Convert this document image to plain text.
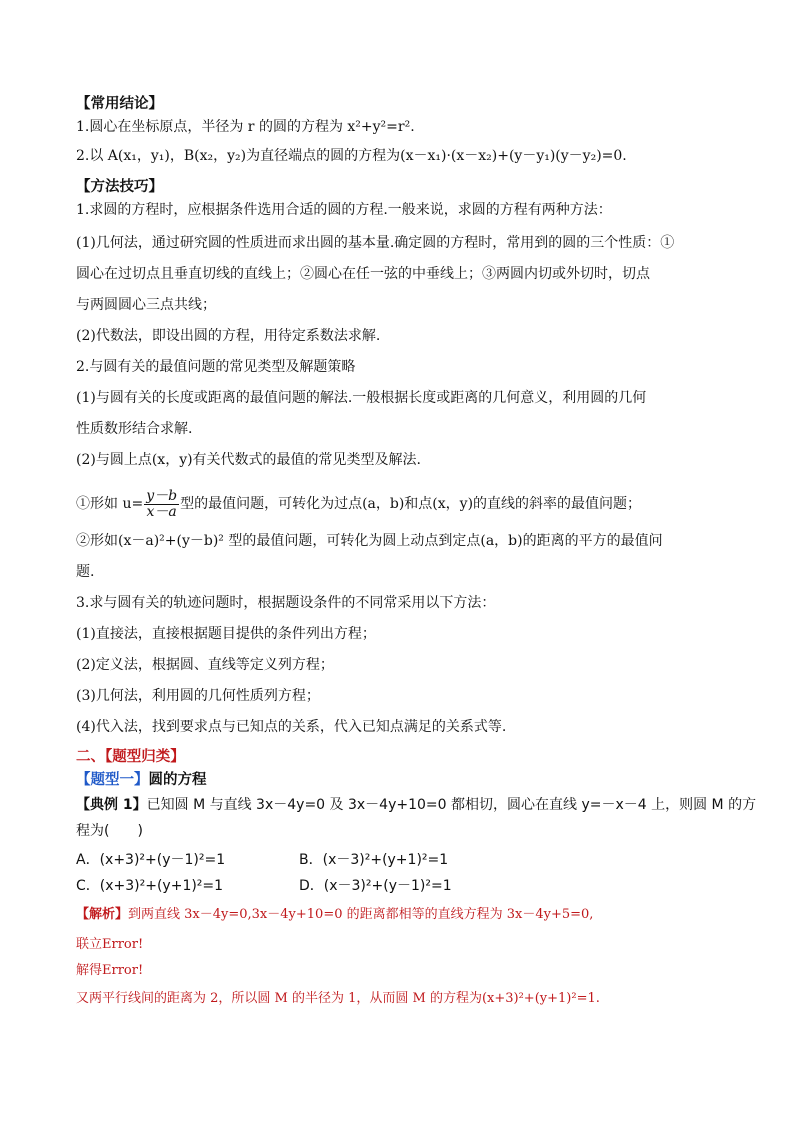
【常用结论】
1.圆心在坐标原点，半径为 r 的圆的方程为 x²+y²=r².
2.以 A(x₁，y₁)，B(x₂，y₂)为直径端点的圆的方程为(x－x₁)·(x－x₂)+(y－y₁)(y－y₂)=0.
【方法技巧】
1.求圆的方程时，应根据条件选用合适的圆的方程.一般来说，求圆的方程有两种方法：
(1)几何法，通过研究圆的性质进而求出圆的基本量.确定圆的方程时，常用到的圆的三个性质：①
圆心在过切点且垂直切线的直线上；②圆心在任一弦的中垂线上；③两圆内切或外切时，切点
与两圆圆心三点共线；
(2)代数法，即设出圆的方程，用待定系数法求解.
2.与圆有关的最值问题的常见类型及解题策略
(1)与圆有关的长度或距离的最值问题的解法.一般根据长度或距离的几何意义，利用圆的几何
性质数形结合求解.
(2)与圆上点(x，y)有关代数式的最值的常见类型及解法.
①形如 $u= \frac{y-b}{x-a}$ 型的最值问题，可转化为过点(a，b)和点(x，y)的直线的斜率的最值问题；
②形如(x－a)²+(y－b)² 型的最值问题，可转化为圆上动点到定点(a，b)的距离的平方的最值问
题.
3.求与圆有关的轨迹问题时，根据题设条件的不同常采用以下方法：
(1)直接法，直接根据题目提供的条件列出方程；
(2)定义法，根据圆、直线等定义列方程；
(3)几何法，利用圆的几何性质列方程；
(4)代入法，找到要求点与已知点的关系，代入已知点满足的关系式等.
二、【题型归类】
【题型一】圆的方程
【典例 1】已知圆 M 与直线 3x－4y=0 及 3x－4y+10=0 都相切，圆心在直线 y=－x－4 上，则圆 M 的方
程为(　　)
A．(x+3)²+(y－1)²=1	B．(x－3)²+(y+1)²=1
C．(x+3)²+(y+1)²=1	D．(x－3)²+(y－1)²=1
【解析】到两直线 3x－4y=0,3x－4y+10=0 的距离都相等的直线方程为 3x－4y+5=0,
联立Error!
解得Error!
又两平行线间的距离为 2，所以圆 M 的半径为 1，从而圆 M 的方程为(x+3)²+(y+1)²=1.
